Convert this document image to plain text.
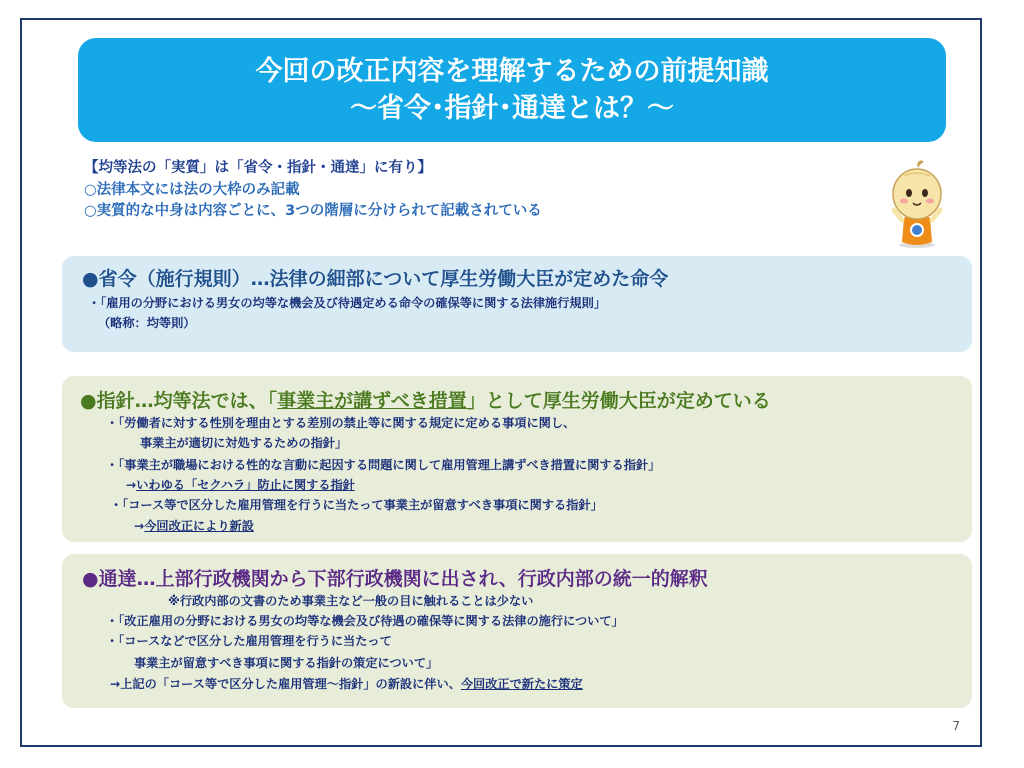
今回の改正内容を理解するための前提知識
～省令･指針･通達とは？～
【均等法の「実質」は「省令・指針・通達」に有り】
○法律本文には法の大枠のみ記載
○実質的な中身は内容ごとに、3つの階層に分けられて記載されている
●省令（施行規則）…法律の細部について厚生労働大臣が定めた命令
・「雇用の分野における男女の均等な機会及び待遇定める命令の確保等に関する法律施行規則」
（略称：均等則）
●指針…均等法では、「事業主が講ずべき措置」として厚生労働大臣が定めている
・「労働者に対する性別を理由とする差別の禁止等に関する規定に定める事項に関し、
事業主が適切に対処するための指針」
・「事業主が職場における性的な言動に起因する問題に関して雇用管理上講ずべき措置に関する指針」
→いわゆる「セクハラ」防止に関する指針
・「コース等で区分した雇用管理を行うに当たって事業主が留意すべき事項に関する指針」
→今回改正により新設
●通達…上部行政機関から下部行政機関に出され、行政内部の統一的解釈
※行政内部の文書のため事業主など一般の目に触れることは少ない
・「改正雇用の分野における男女の均等な機会及び待遇の確保等に関する法律の施行について」
・「コースなどで区分した雇用管理を行うに当たって
事業主が留意すべき事項に関する指針の策定について」
→上記の「コース等で区分した雇用管理～指針」の新設に伴い、今回改正で新たに策定
7
